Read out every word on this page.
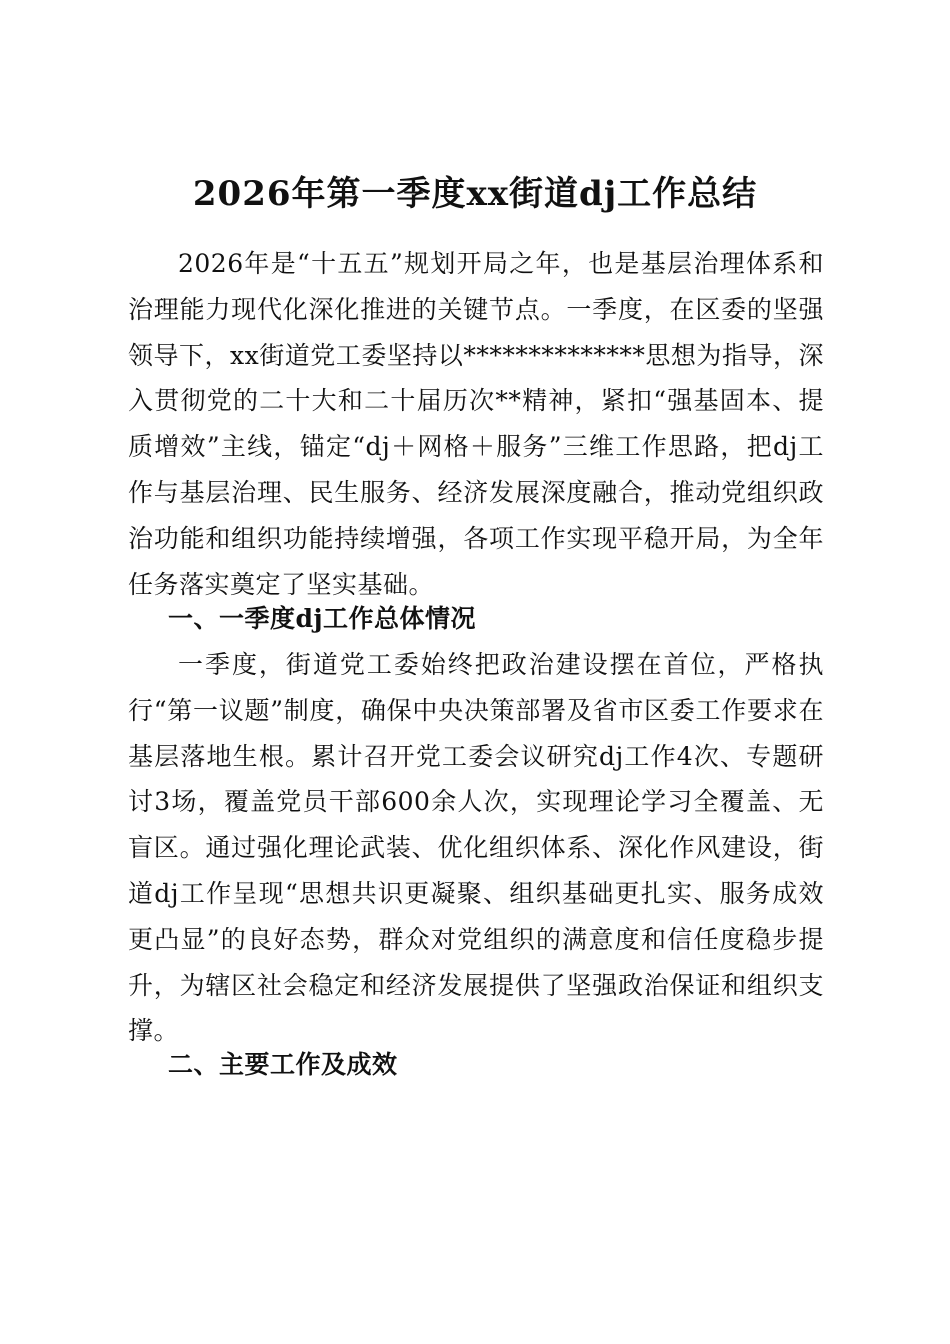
2026年第一季度xx街道dj工作总结

2026年是“十五五”规划开局之年，也是基层治理体系和治理能力现代化深化推进的关键节点。一季度，在区委的坚强领导下，xx街道党工委坚持以**************思想为指导，深入贯彻党的二十大和二十届历次**精神，紧扣“强基固本、提质增效”主线，锚定“dj＋网格＋服务”三维工作思路，把dj工作与基层治理、民生服务、经济发展深度融合，推动党组织政治功能和组织功能持续增强，各项工作实现平稳开局，为全年任务落实奠定了坚实基础。

一、一季度dj工作总体情况

一季度，街道党工委始终把政治建设摆在首位，严格执行“第一议题”制度，确保中央决策部署及省市区委工作要求在基层落地生根。累计召开党工委会议研究dj工作4次、专题研讨3场，覆盖党员干部600余人次，实现理论学习全覆盖、无盲区。通过强化理论武装、优化组织体系、深化作风建设，街道dj工作呈现“思想共识更凝聚、组织基础更扎实、服务成效更凸显”的良好态势，群众对党组织的满意度和信任度稳步提升，为辖区社会稳定和经济发展提供了坚强政治保证和组织支撑。

二、主要工作及成效
